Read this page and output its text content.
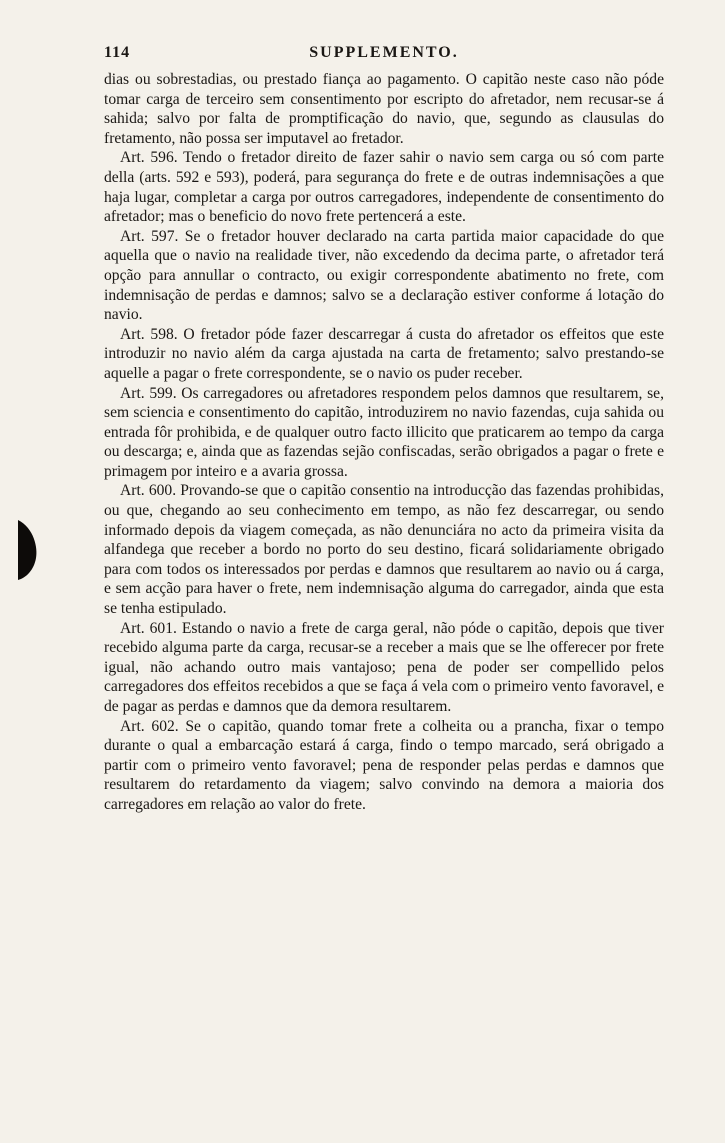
114	SUPPLEMENTO.

dias ou sobrestadias, ou prestado fiança ao pagamento. O capitão neste caso não póde tomar carga de terceiro sem consentimento por escripto do afretador, nem recusar-se á sahida; salvo por falta de promptificação do navio, que, segundo as clausulas do fretamento, não possa ser imputavel ao fretador.

Art. 596. Tendo o fretador direito de fazer sahir o navio sem carga ou só com parte della (arts. 592 e 593), poderá, para segurança do frete e de outras indemnisações a que haja lugar, completar a carga por outros carregadores, independente de consentimento do afretador; mas o beneficio do novo frete pertencerá a este.

Art. 597. Se o fretador houver declarado na carta partida maior capacidade do que aquella que o navio na realidade tiver, não excedendo da decima parte, o afretador terá opção para annullar o contracto, ou exigir correspondente abatimento no frete, com indemnisação de perdas e damnos; salvo se a declaração estiver conforme á lotação do navio.

Art. 598. O fretador póde fazer descarregar á custa do afretador os effeitos que este introduzir no navio além da carga ajustada na carta de fretamento; salvo prestando-se aquelle a pagar o frete correspondente, se o navio os puder receber.

Art. 599. Os carregadores ou afretadores respondem pelos damnos que resultarem, se, sem sciencia e consentimento do capitão, introduzirem no navio fazendas, cuja sahida ou entrada fôr prohibida, e de qualquer outro facto illicito que praticarem ao tempo da carga ou descarga; e, ainda que as fazendas sejão confiscadas, serão obrigados a pagar o frete e primagem por inteiro e a avaria grossa.

Art. 600. Provando-se que o capitão consentio na introducção das fazendas prohibidas, ou que, chegando ao seu conhecimento em tempo, as não fez descarregar, ou sendo informado depois da viagem começada, as não denunciára no acto da primeira visita da alfandega que receber a bordo no porto do seu destino, ficará solidariamente obrigado para com todos os interessados por perdas e damnos que resultarem ao navio ou á carga, e sem acção para haver o frete, nem indemnisação alguma do carregador, ainda que esta se tenha estipulado.

Art. 601. Estando o navio a frete de carga geral, não póde o capitão, depois que tiver recebido alguma parte da carga, recusar-se a receber a mais que se lhe offerecer por frete igual, não achando outro mais vantajoso; pena de poder ser compellido pelos carregadores dos effeitos recebidos a que se faça á vela com o primeiro vento favoravel, e de pagar as perdas e damnos que da demora resultarem.

Art. 602. Se o capitão, quando tomar frete a colheita ou a prancha, fixar o tempo durante o qual a embarcação estará á carga, findo o tempo marcado, será obrigado a partir com o primeiro vento favoravel; pena de responder pelas perdas e damnos que resultarem do retardamento da viagem; salvo convindo na demora a maioria dos carregadores em relação ao valor do frete.
